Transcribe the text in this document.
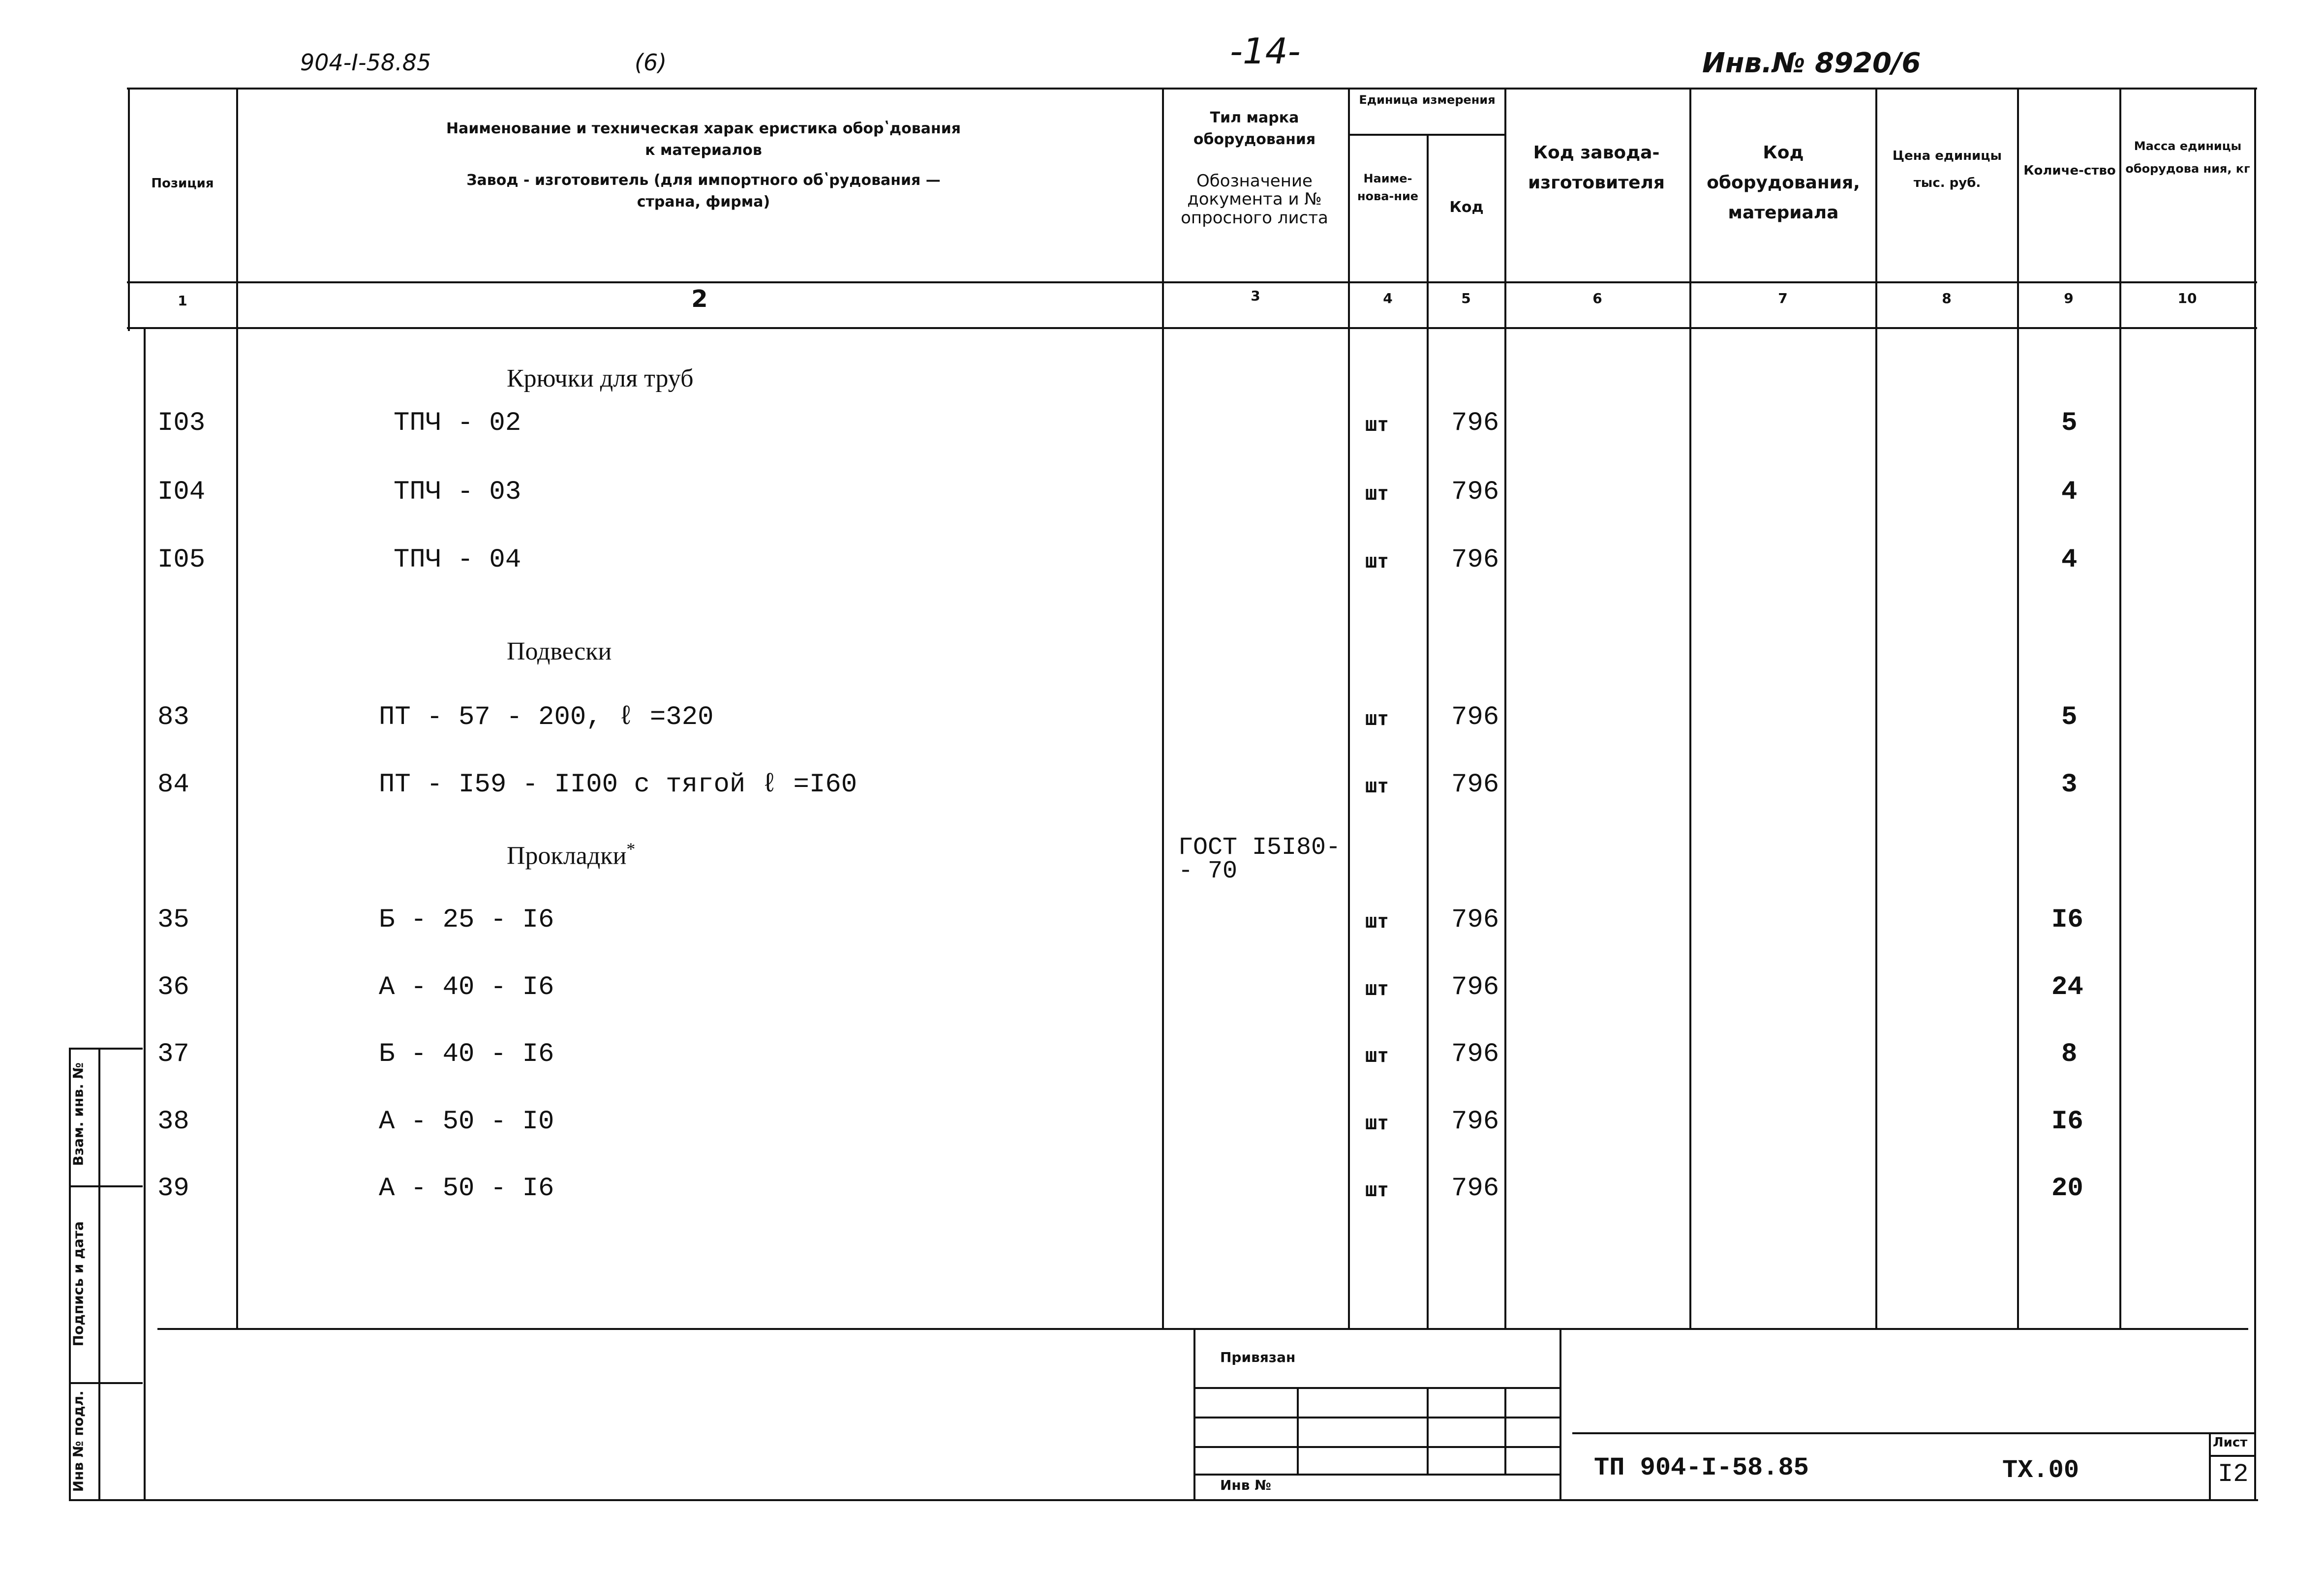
904-I-58.85	(6)	-14-	Инв.№ 8920/6
Позиция
Наименование и техническая харак еристика оборʽдования
к материалов
Завод - изготовитель (для импортного обʽрудования —
страна, фирма)
Тил марка оборудования
Обозначение документа и № опросного листа
Единица измерения
Наиме-нова-ние
Код
Код завода-изготовителя
Код оборудования, материала
Цена единицы тыс. руб.
Количе-ство
Масса единицы оборудова ния, кг
1	2	3	4	5	6	7	8	9	10
Крючки для труб
Подвески
Прокладки*	ГОСТ I5I80-
- 70
I03	ТПЧ - 02	шт 796	5
I04	ТПЧ - 03	шт 796	4
I05	ТПЧ - 04	шт 796	4
83	ПТ - 57 - 200, ℓ =320	шт 796	5
84	ПТ - I59 - II00 с тягой ℓ =I60	шт 796	3
35	Б - 25 - I6	шт 796	I6
36	А - 40 - I6	шт 796	24
37	Б - 40 - I6	шт 796	8
38	А - 50 - I0	шт 796	I6
39	А - 50 - I6	шт 796	20
Привязан
Инв №
ТП 904-I-58.85	ТХ.00
Лист
I2
Взам. инв. №
Подпись и дата
Инв № подл.
